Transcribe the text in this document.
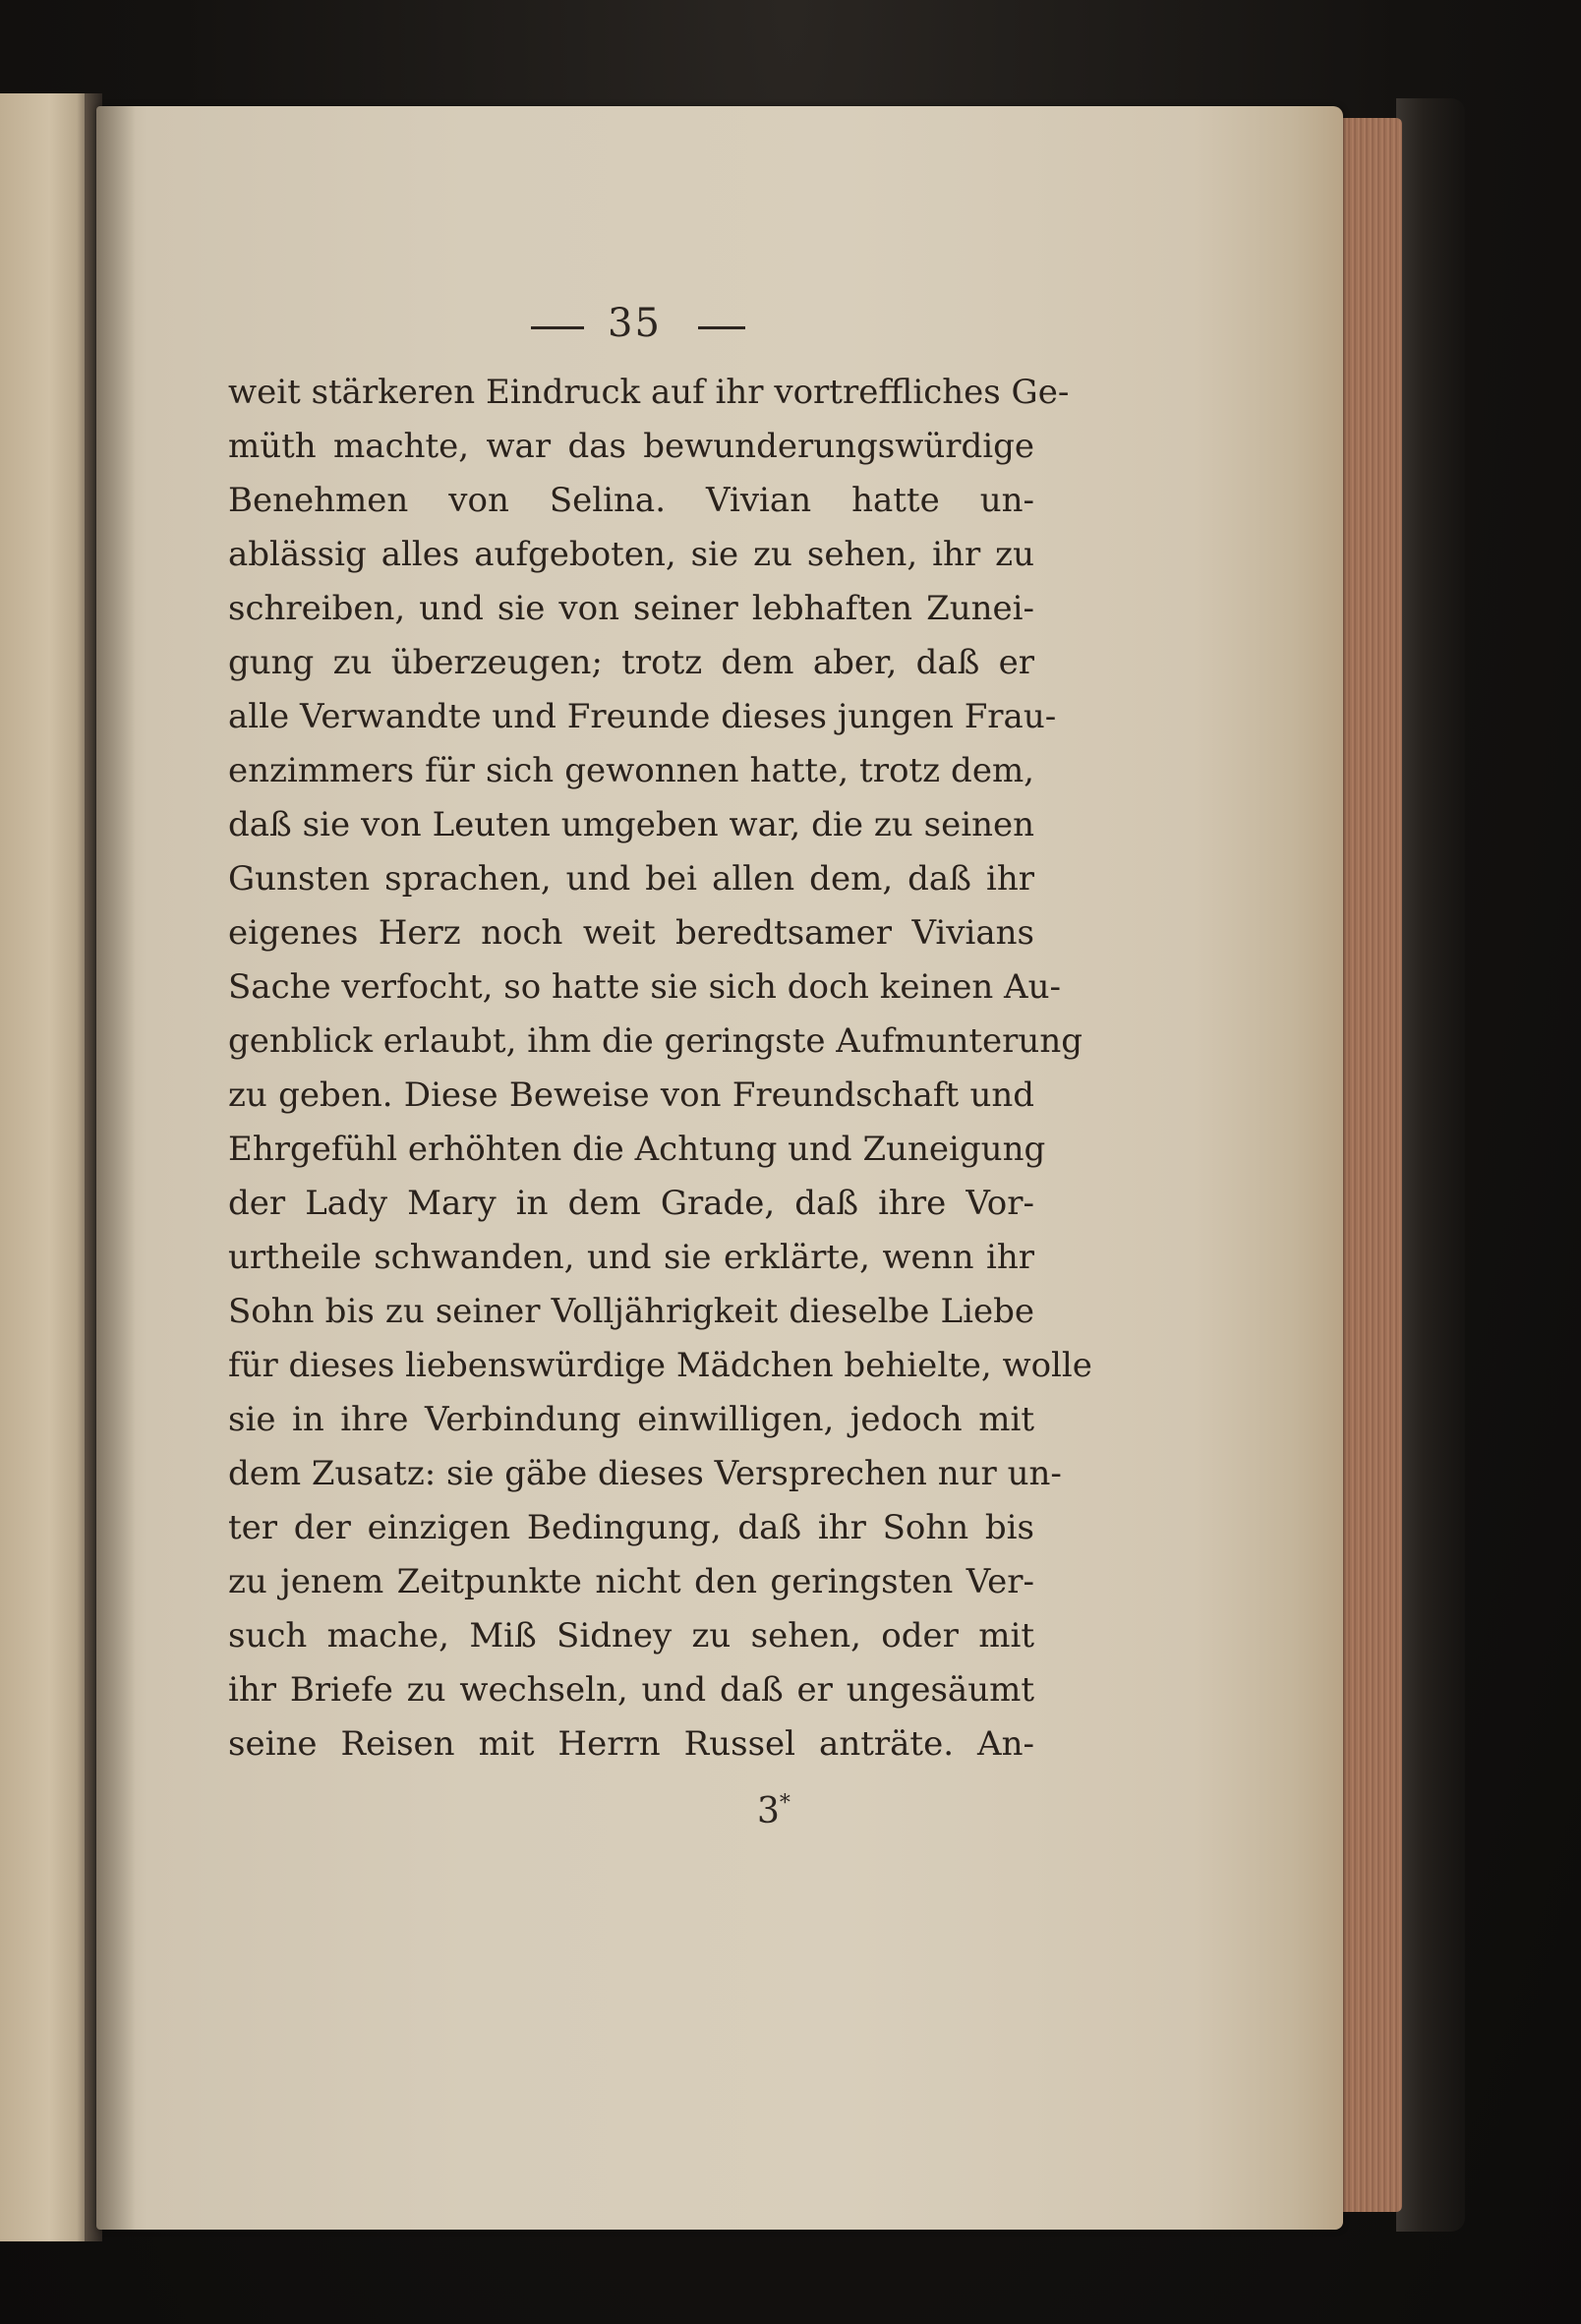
35
weit stärkeren Eindruck auf ihr vortreffliches Ge-
müth machte, war das bewunderungswürdige
Benehmen von Selina. Vivian hatte un-
ablässig alles aufgeboten, sie zu sehen, ihr zu
schreiben, und sie von seiner lebhaften Zunei-
gung zu überzeugen; trotz dem aber, daß er
alle Verwandte und Freunde dieses jungen Frau-
enzimmers für sich gewonnen hatte, trotz dem,
daß sie von Leuten umgeben war, die zu seinen
Gunsten sprachen, und bei allen dem, daß ihr
eigenes Herz noch weit beredtsamer Vivians
Sache verfocht, so hatte sie sich doch keinen Au-
genblick erlaubt, ihm die geringste Aufmunterung
zu geben. Diese Beweise von Freundschaft und
Ehrgefühl erhöhten die Achtung und Zuneigung
der Lady Mary in dem Grade, daß ihre Vor-
urtheile schwanden, und sie erklärte, wenn ihr
Sohn bis zu seiner Volljährigkeit dieselbe Liebe
für dieses liebenswürdige Mädchen behielte, wolle
sie in ihre Verbindung einwilligen, jedoch mit
dem Zusatz: sie gäbe dieses Versprechen nur un-
ter der einzigen Bedingung, daß ihr Sohn bis
zu jenem Zeitpunkte nicht den geringsten Ver-
such mache, Miß Sidney zu sehen, oder mit
ihr Briefe zu wechseln, und daß er ungesäumt
seine Reisen mit Herrn Russel anträte. An-
3*
